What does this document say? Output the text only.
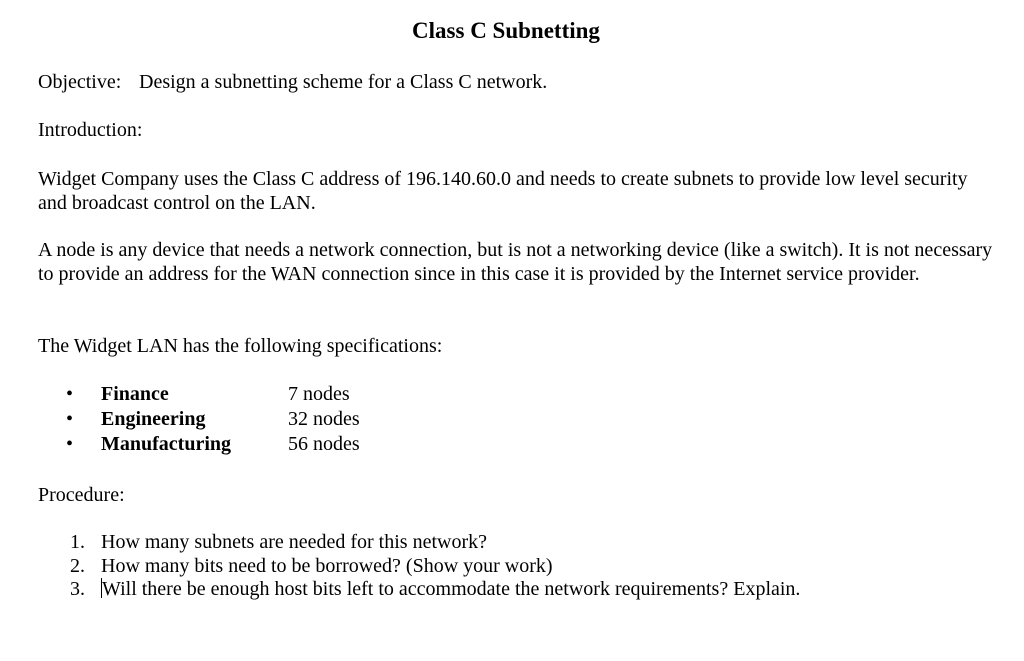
Class C Subnetting

Objective: Design a subnetting scheme for a Class C network.

Introduction:

Widget Company uses the Class C address of 196.140.60.0 and needs to create subnets to provide low level security and broadcast control on the LAN.

A node is any device that needs a network connection, but is not a networking device (like a switch). It is not necessary to provide an address for the WAN connection since in this case it is provided by the Internet service provider.

The Widget LAN has the following specifications:

•	Finance	7 nodes
•	Engineering	32 nodes
•	Manufacturing	56 nodes

Procedure:

1. How many subnets are needed for this network?
2. How many bits need to be borrowed? (Show your work)
3. Will there be enough host bits left to accommodate the network requirements? Explain.
